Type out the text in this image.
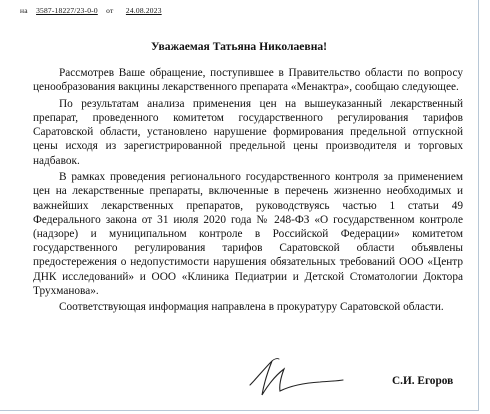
на 3587-18227/23-0-0 от 24.08.2023
Уважаемая Татьяна Николаевна!

Рассмотрев Ваше обращение, поступившее в Правительство области по вопросу ценообразования вакцины лекарственного препарата «Менактра», сообщаю следующее.

По результатам анализа применения цен на вышеуказанный лекарственный препарат, проведенного комитетом государственного регулирования тарифов Саратовской области, установлено нарушение формирования предельной отпускной цены исходя из зарегистрированной предельной цены производителя и торговых надбавок.

В рамках проведения регионального государственного контроля за применением цен на лекарственные препараты, включенные в перечень жизненно необходимых и важнейших лекарственных препаратов, руководствуясь частью 1 статьи 49 Федерального закона от 31 июля 2020 года № 248-ФЗ «О государственном контроле (надзоре) и муниципальном контроле в Российской Федерации» комитетом государственного регулирования тарифов Саратовской области объявлены предостережения о недопустимости нарушения обязательных требований ООО «Центр ДНК исследований» и ООО «Клиника Педиатрии и Детской Стоматологии Доктора Трухманова».

Соответствующая информация направлена в прокуратуру Саратовской области.

С.И. Егоров
